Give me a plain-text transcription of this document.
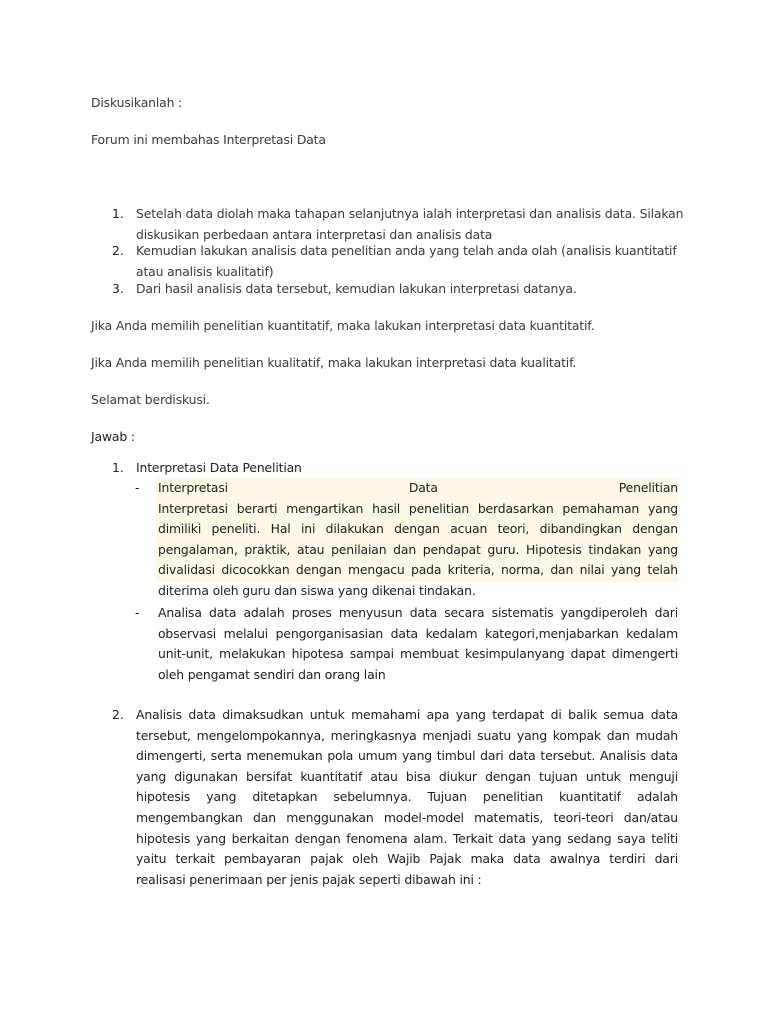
Diskusikanlah :

Forum ini membahas Interpretasi Data

1. Setelah data diolah maka tahapan selanjutnya ialah interpretasi dan analisis data. Silakan
diskusikan perbedaan antara interpretasi dan analisis data
2. Kemudian lakukan analisis data penelitian anda yang telah anda olah (analisis kuantitatif
atau analisis kualitatif)
3. Dari hasil analisis data tersebut, kemudian lakukan interpretasi datanya.

Jika Anda memilih penelitian kuantitatif, maka lakukan interpretasi data kuantitatif.

Jika Anda memilih penelitian kualitatif, maka lakukan interpretasi data kualitatif.

Selamat berdiskusi.

Jawab :

1. Interpretasi Data Penelitian

- Interpretasi Data Penelitian
Interpretasi berarti mengartikan hasil penelitian berdasarkan pemahaman yang
dimiliki peneliti. Hal ini dilakukan dengan acuan teori, dibandingkan dengan
pengalaman, praktik, atau penilaian dan pendapat guru. Hipotesis tindakan yang
divalidasi dicocokkan dengan mengacu pada kriteria, norma, dan nilai yang telah
diterima oleh guru dan siswa yang dikenai tindakan.
- Analisa data adalah proses menyusun data secara sistematis yangdiperoleh dari
observasi melalui pengorganisasian data kedalam kategori,menjabarkan kedalam
unit-unit, melakukan hipotesa sampai membuat kesimpulanyang dapat dimengerti
oleh pengamat sendiri dan orang lain
2. Analisis data dimaksudkan untuk memahami apa yang terdapat di balik semua data
tersebut, mengelompokannya, meringkasnya menjadi suatu yang kompak dan mudah
dimengerti, serta menemukan pola umum yang timbul dari data tersebut. Analisis data
yang digunakan bersifat kuantitatif atau bisa diukur dengan tujuan untuk menguji
hipotesis yang ditetapkan sebelumnya. Tujuan penelitian kuantitatif adalah
mengembangkan dan menggunakan model-model matematis, teori-teori dan/atau
hipotesis yang berkaitan dengan fenomena alam. Terkait data yang sedang saya teliti
yaitu terkait pembayaran pajak oleh Wajib Pajak maka data awalnya terdiri dari
realisasi penerimaan per jenis pajak seperti dibawah ini :
